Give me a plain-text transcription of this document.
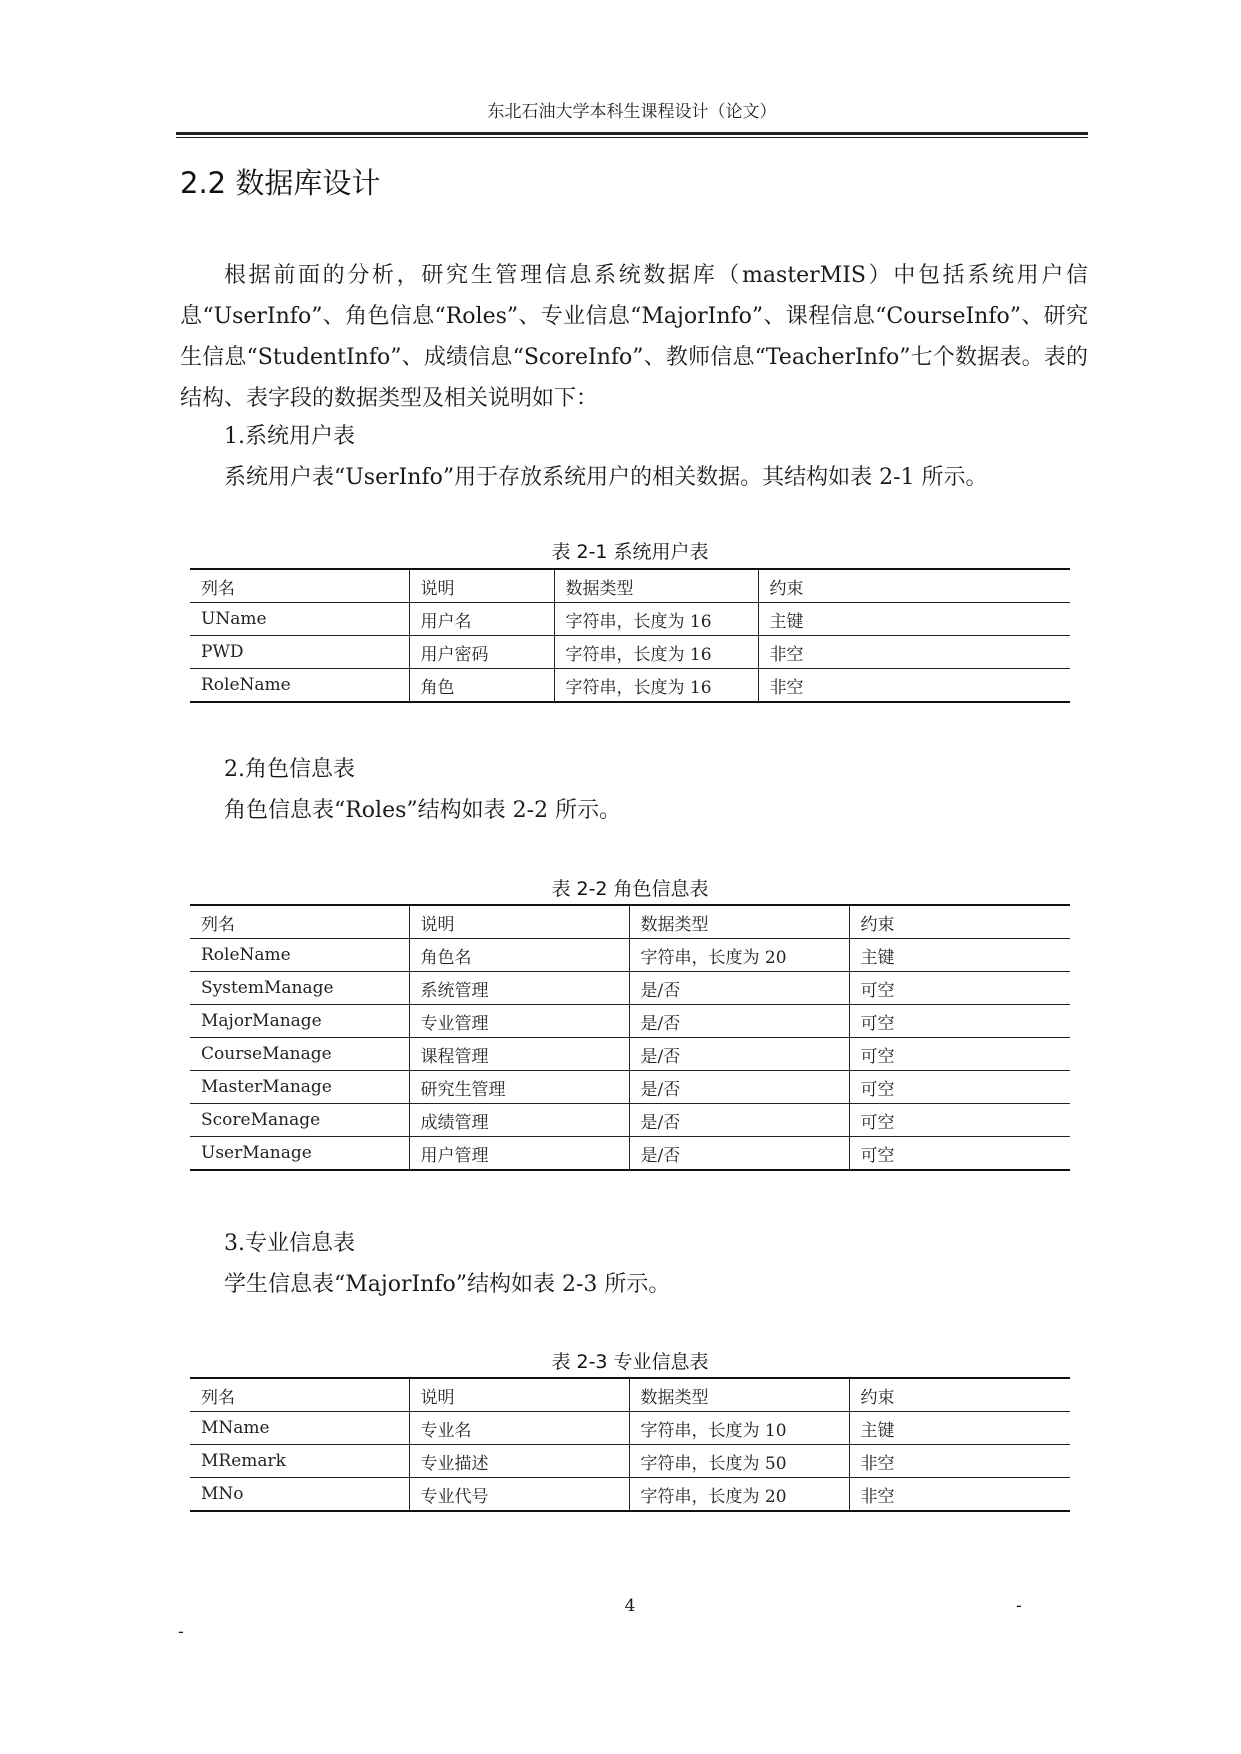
东北石油大学本科生课程设计（论文）
2.2 数据库设计
根据前面的分析，研究生管理信息系统数据库（masterMIS）中包括系统用户信息“UserInfo”、角色信息“Roles”、专业信息“MajorInfo”、课程信息“CourseInfo”、研究生信息“StudentInfo”、成绩信息“ScoreInfo”、教师信息“TeacherInfo”七个数据表。表的结构、表字段的数据类型及相关说明如下：
1.系统用户表
系统用户表“UserInfo”用于存放系统用户的相关数据。其结构如表 2-1 所示。
表 2-1 系统用户表
列名	说明	数据类型	约束
UName	用户名	字符串，长度为 16	主键
PWD	用户密码	字符串，长度为 16	非空
RoleName	角色	字符串，长度为 16	非空
2.角色信息表
角色信息表“Roles”结构如表 2-2 所示。
表 2-2 角色信息表
列名	说明	数据类型	约束
RoleName	角色名	字符串，长度为 20	主键
SystemManage	系统管理	是/否	可空
MajorManage	专业管理	是/否	可空
CourseManage	课程管理	是/否	可空
MasterManage	研究生管理	是/否	可空
ScoreManage	成绩管理	是/否	可空
UserManage	用户管理	是/否	可空
3.专业信息表
学生信息表“MajorInfo”结构如表 2-3 所示。
表 2-3 专业信息表
列名	说明	数据类型	约束
MName	专业名	字符串，长度为 10	主键
MRemark	专业描述	字符串，长度为 50	非空
MNo	专业代号	字符串，长度为 20	非空
4	-
-
